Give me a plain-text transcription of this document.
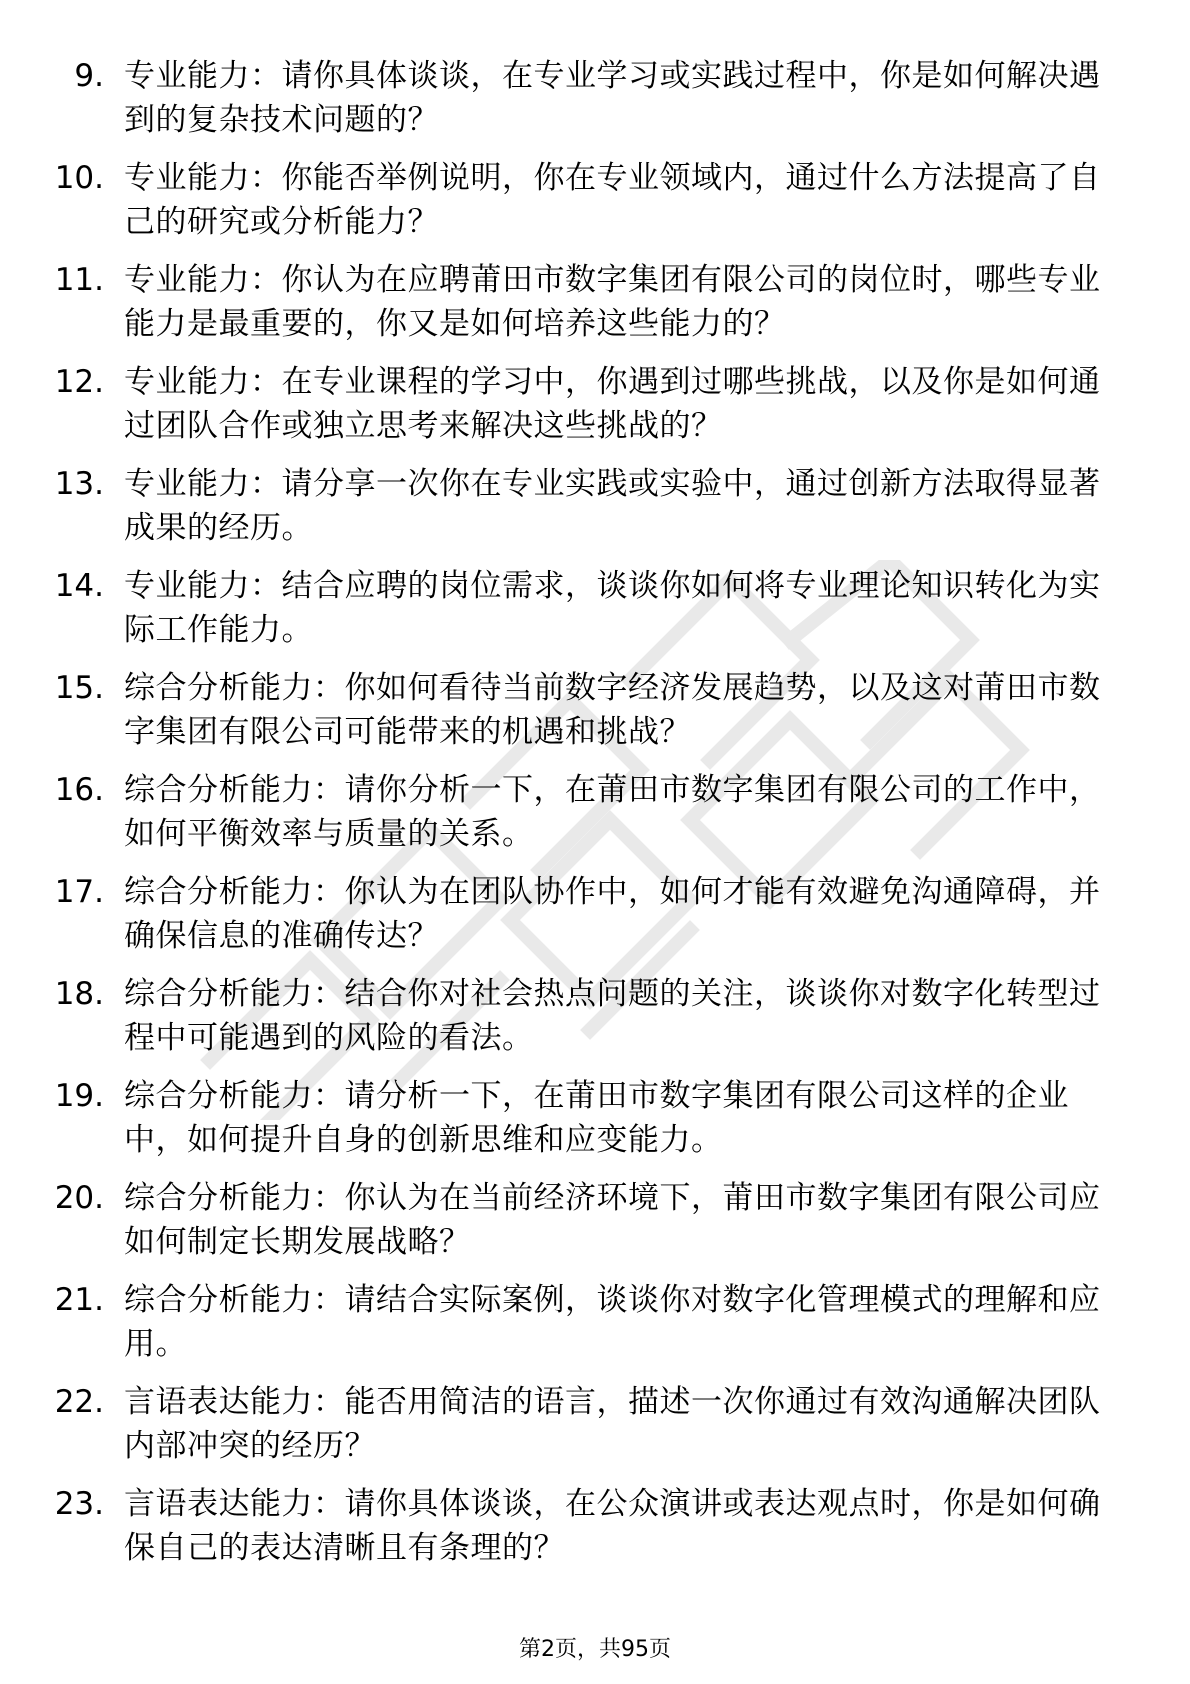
9. 专业能力：请你具体谈谈，在专业学习或实践过程中，你是如何解决遇到的复杂技术问题的？
10. 专业能力：你能否举例说明，你在专业领域内，通过什么方法提高了自己的研究或分析能力？
11. 专业能力：你认为在应聘莆田市数字集团有限公司的岗位时，哪些专业能力是最重要的，你又是如何培养这些能力的？
12. 专业能力：在专业课程的学习中，你遇到过哪些挑战，以及你是如何通过团队合作或独立思考来解决这些挑战的？
13. 专业能力：请分享一次你在专业实践或实验中，通过创新方法取得显著成果的经历。
14. 专业能力：结合应聘的岗位需求，谈谈你如何将专业理论知识转化为实际工作能力。
15. 综合分析能力：你如何看待当前数字经济发展趋势，以及这对莆田市数字集团有限公司可能带来的机遇和挑战？
16. 综合分析能力：请你分析一下，在莆田市数字集团有限公司的工作中，如何平衡效率与质量的关系。
17. 综合分析能力：你认为在团队协作中，如何才能有效避免沟通障碍，并确保信息的准确传达？
18. 综合分析能力：结合你对社会热点问题的关注，谈谈你对数字化转型过程中可能遇到的风险的看法。
19. 综合分析能力：请分析一下，在莆田市数字集团有限公司这样的企业中，如何提升自身的创新思维和应变能力。
20. 综合分析能力：你认为在当前经济环境下，莆田市数字集团有限公司应如何制定长期发展战略？
21. 综合分析能力：请结合实际案例，谈谈你对数字化管理模式的理解和应用。
22. 言语表达能力：能否用简洁的语言，描述一次你通过有效沟通解决团队内部冲突的经历？
23. 言语表达能力：请你具体谈谈，在公众演讲或表达观点时，你是如何确保自己的表达清晰且有条理的？
第2页，共95页
